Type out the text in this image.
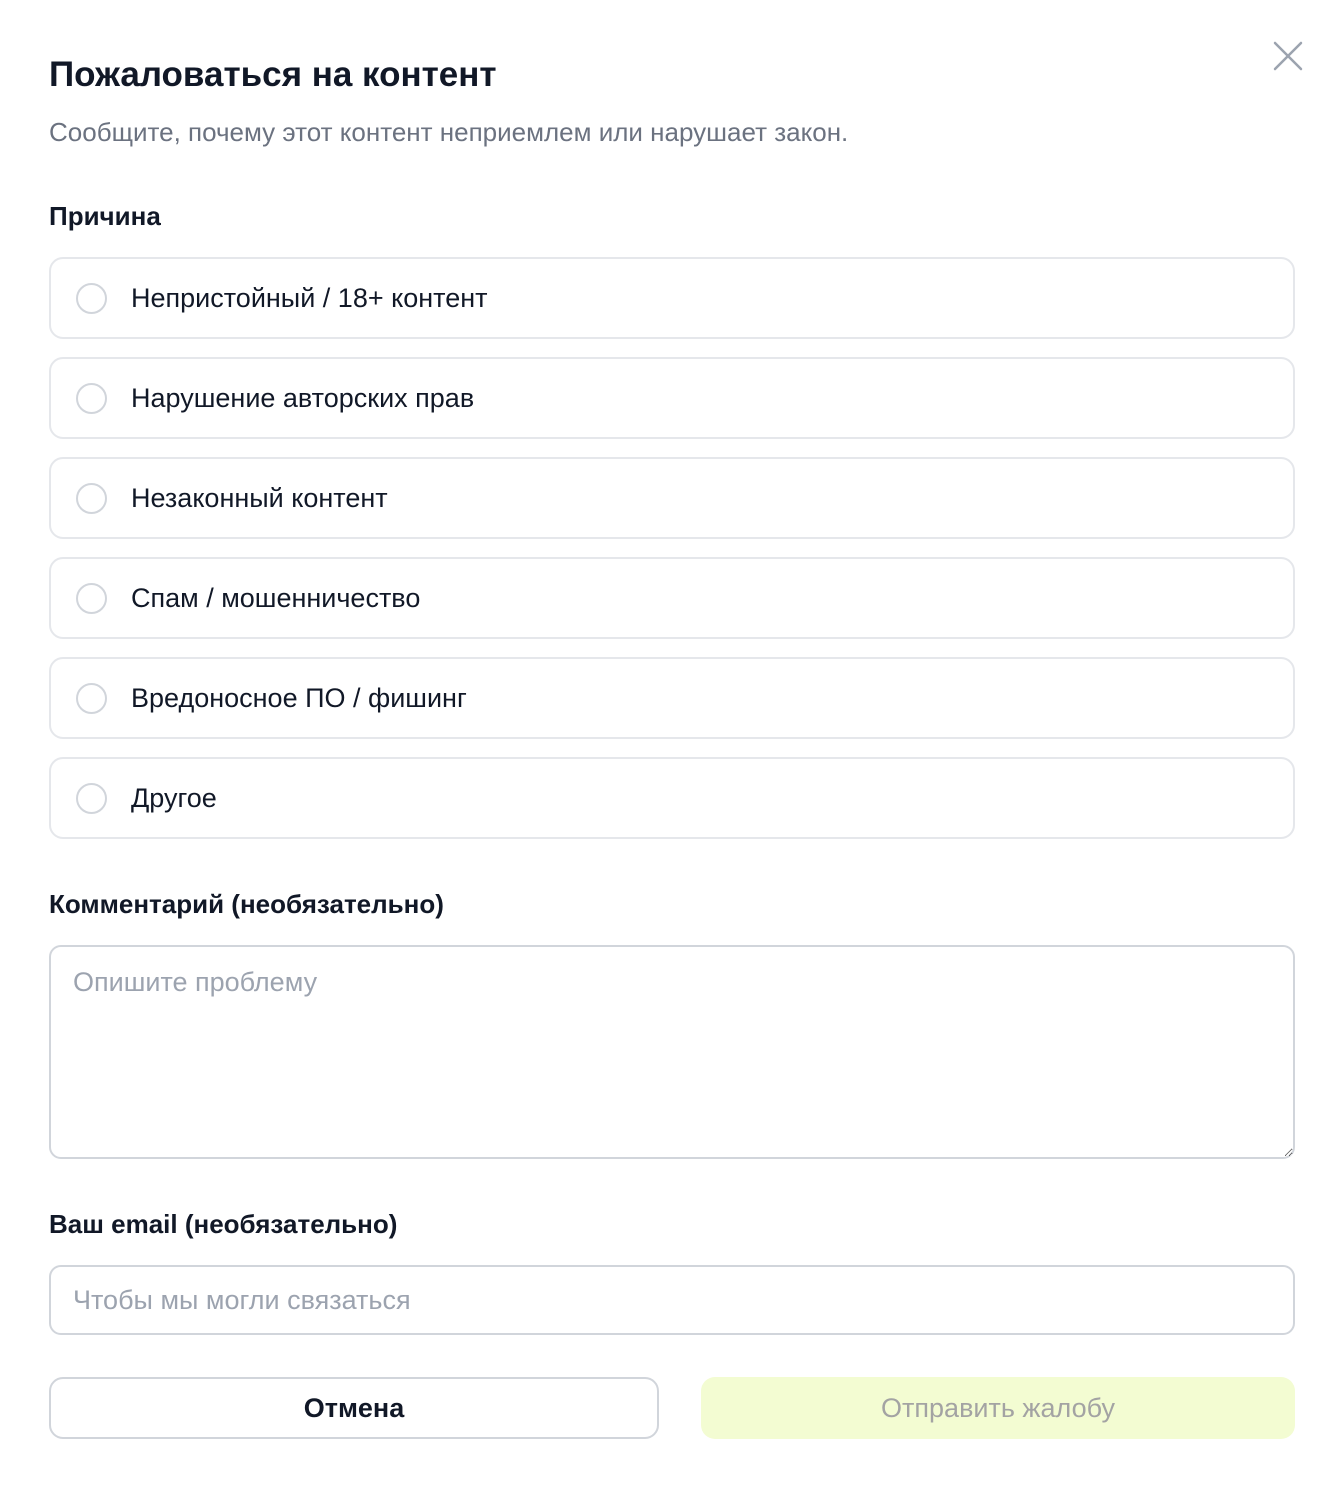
Пожаловаться на контент

Сообщите, почему этот контент неприемлем или нарушает закон.

Причина
Непристойный / 18+ контент
Нарушение авторских прав
Незаконный контент
Спам / мошенничество
Вредоносное ПО / фишинг
Другое
Комментарий (необязательно)
Опишите проблему
Ваш email (необязательно)
Чтобы мы могли связаться
Отмена	Отправить жалобу
